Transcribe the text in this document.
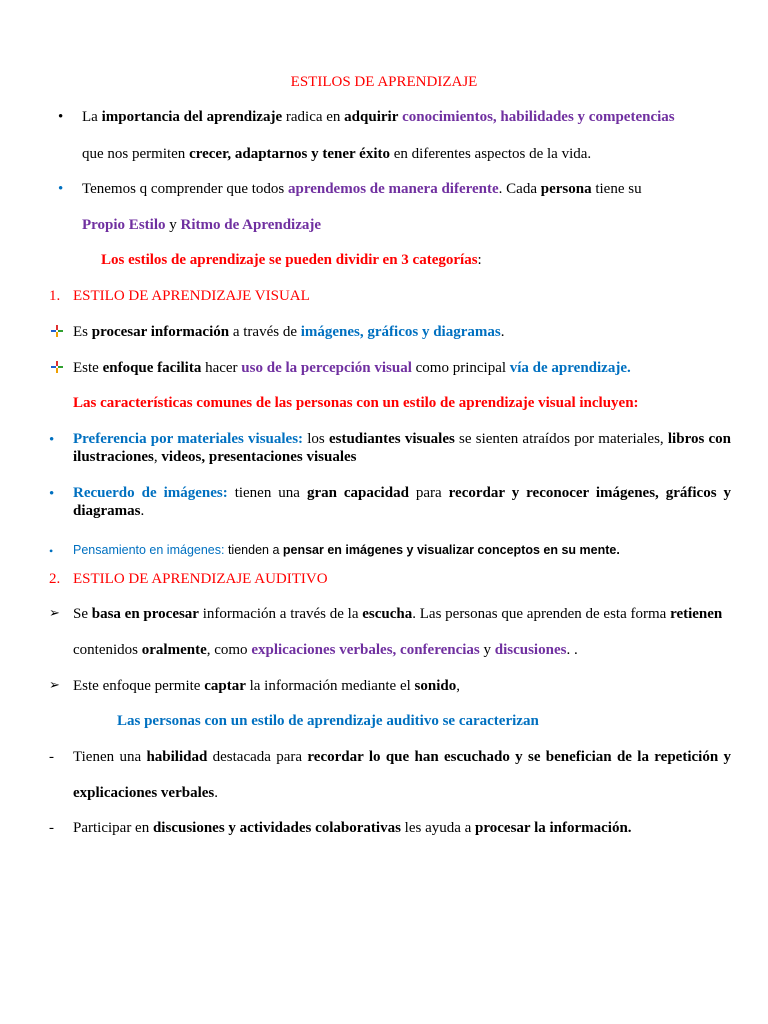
ESTILOS DE APRENDIZAJE
• La importancia del aprendizaje radica en adquirir conocimientos, habilidades y competencias
que nos permiten crecer, adaptarnos y tener éxito en diferentes aspectos de la vida.
• Tenemos q comprender que todos aprendemos de manera diferente. Cada persona tiene su
Propio Estilo y Ritmo de Aprendizaje
Los estilos de aprendizaje se pueden dividir en 3 categorías:
1. ESTILO DE APRENDIZAJE VISUAL
Es procesar información a través de imágenes, gráficos y diagramas.
Este enfoque facilita hacer uso de la percepción visual como principal vía de aprendizaje.
Las características comunes de las personas con un estilo de aprendizaje visual incluyen:
• Preferencia por materiales visuales: los estudiantes visuales se sienten atraídos por materiales, libros con ilustraciones, videos, presentaciones visuales
• Recuerdo de imágenes: tienen una gran capacidad para recordar y reconocer imágenes, gráficos y diagramas.
• Pensamiento en imágenes: tienden a pensar en imágenes y visualizar conceptos en su mente.
2. ESTILO DE APRENDIZAJE AUDITIVO
➢ Se basa en procesar información a través de la escucha. Las personas que aprenden de esta forma retienen
contenidos oralmente, como explicaciones verbales, conferencias y discusiones. .
➢ Este enfoque permite captar la información mediante el sonido,
Las personas con un estilo de aprendizaje auditivo se caracterizan
- Tienen una habilidad destacada para recordar lo que han escuchado y se benefician de la repetición y
explicaciones verbales.
- Participar en discusiones y actividades colaborativas les ayuda a procesar la información.
